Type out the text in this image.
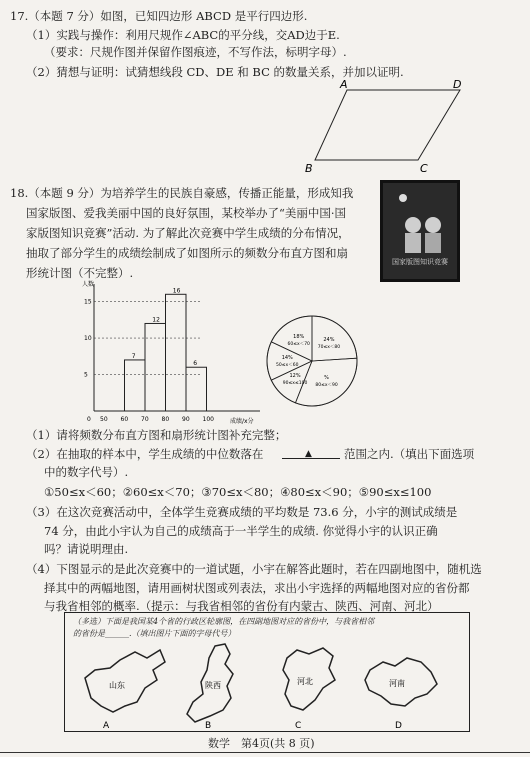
17.（本题 7 分）如图，已知四边形 ABCD 是平行四边形.
（1）实践与操作：利用尺规作∠ABC的平分线，交AD边于E.
（要求：尺规作图并保留作图痕迹，不写作法，标明字母）.
（2）猜想与证明：试猜想线段 CD、DE 和 BC 的数量关系，并加以证明.
A	D
B	C
18.（本题 9 分）为培养学生的民族自豪感，传播正能量，形成知我
国家版图、爱我美丽中国的良好氛围，某校举办了“美丽中国·国
家版图知识竞赛”活动. 为了解此次竞赛中学生成绩的分布情况，
抽取了部分学生的成绩绘制成了如图所示的频数分布直方图和扇
形统计图（不完整）.
国家版图知识竞赛
人数
成绩/x分
5
10
15
0 50 60 70 80 90 100
7
12
16
6
24%
70≤x＜80
%
80≤x＜90
12%
90≤x≤100
14%
50≤x＜60
18%
60≤x＜70
（1）请将频数分布直方图和扇形统计图补充完整；
（2）在抽取的样本中，学生成绩的中位数落在	▲	范围之内.（填出下面选项
中的数字代号）.
①50≤x＜60；②60≤x＜70；③70≤x＜80；④80≤x＜90；⑤90≤x≤100
（3）在这次竞赛活动中，全体学生竞赛成绩的平均数是 73.6 分，小宇的测试成绩是
74 分，由此小宇认为自己的成绩高于一半学生的成绩. 你觉得小宇的认识正确
吗？请说明理由.
（4）下图显示的是此次竞赛中的一道试题，小宇在解答此题时，若在四副地图中，随机选
择其中的两幅地图，请用画树状图或列表法，求出小宇选择的两幅地图对应的省份都
与我省相邻的概率.（提示：与我省相邻的省份有内蒙古、陕西、河南、河北）
（多选）下面是我国某4个省的行政区轮廓图，在四副地图对应的省份中，与我省相邻
的省份是______.（填出图片下面的字母代号）
山东
A
陕西
B
河北
C
河南
D
数学　第4页(共 8 页)
